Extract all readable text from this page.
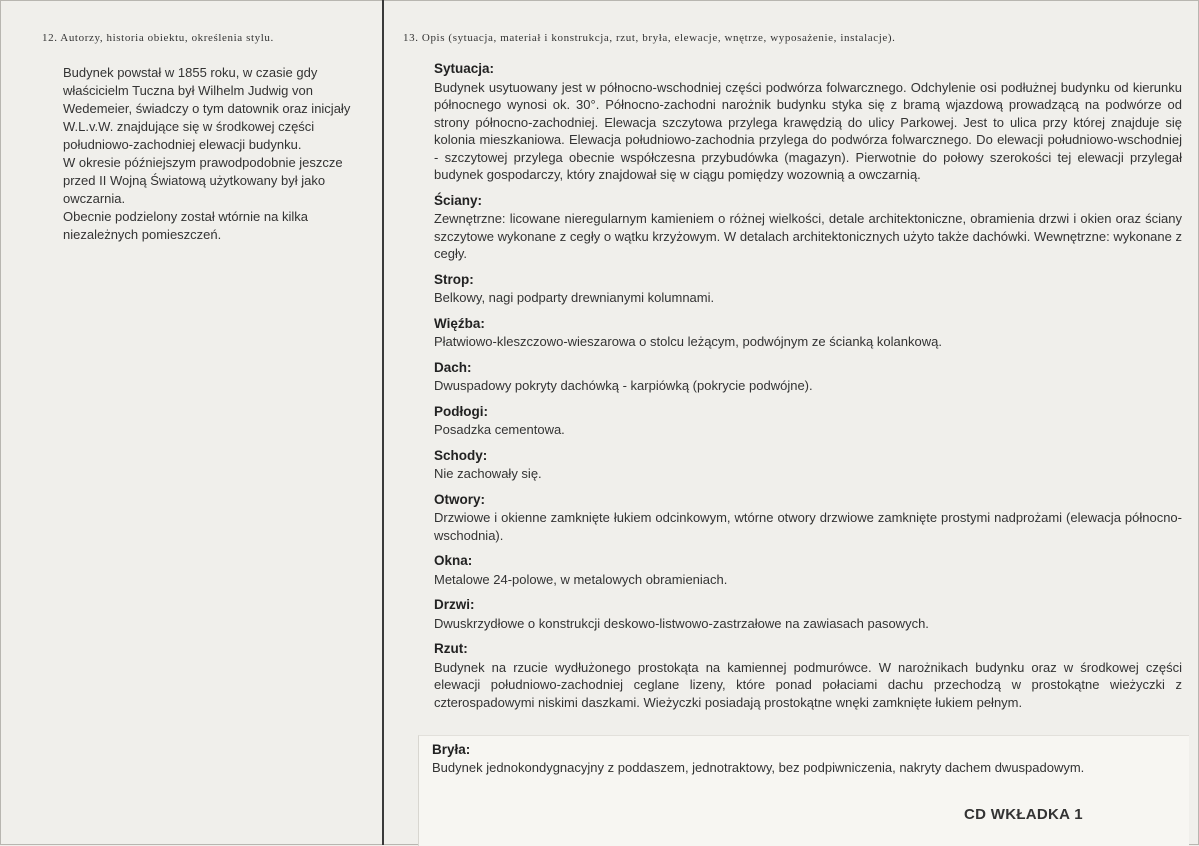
12. Autorzy, historia obiektu, określenia stylu.

Budynek powstał w 1855 roku, w czasie gdy właścicielm Tuczna był Wilhelm Judwig von Wedemeier, świadczy o tym datownik oraz inicjały W.L.v.W. znajdujące się w środkowej części południowo-zachodniej elewacji budynku.

W okresie późniejszym prawodpodobnie jeszcze przed II Wojną Światową użytkowany był jako owczarnia.

Obecnie podzielony został wtórnie na kilka niezależnych pomieszczeń.

13. Opis (sytuacja, materiał i konstrukcja, rzut, bryła, elewacje, wnętrze, wyposażenie, instalacje).

Sytuacja:

Budynek usytuowany jest w północno-wschodniej części podwórza folwarcznego. Odchylenie osi podłużnej budynku od kierunku północnego wynosi ok. 30°. Północno-zachodni narożnik budynku styka się z bramą wjazdową prowadzącą na podwórze od strony północno-zachodniej. Elewacja szczytowa przylega krawędzią do ulicy Parkowej. Jest to ulica przy której znajduje się kolonia mieszkaniowa. Elewacja południowo-zachodnia przylega do podwórza folwarcznego. Do elewacji południowo-wschodniej - szczytowej przylega obecnie współczesna przybudówka (magazyn). Pierwotnie do połowy szerokości tej elewacji przylegał budynek gospodarczy, który znajdował się w ciągu pomiędzy wozownią a owczarnią.

Ściany:

Zewnętrzne: licowane nieregularnym kamieniem o różnej wielkości, detale architektoniczne, obramienia drzwi i okien oraz ściany szczytowe wykonane z cegły o wątku krzyżowym. W detalach architektonicznych użyto także dachówki. Wewnętrzne: wykonane z cegły.

Strop:

Belkowy, nagi podparty drewnianymi kolumnami.

Więźba:

Płatwiowo-kleszczowo-wieszarowa o stolcu leżącym, podwójnym ze ścianką kolankową.

Dach:

Dwuspadowy pokryty dachówką - karpiówką (pokrycie podwójne).

Podłogi:

Posadzka cementowa.

Schody:

Nie zachowały się.

Otwory:

Drzwiowe i okienne zamknięte łukiem odcinkowym, wtórne otwory drzwiowe zamknięte prostymi nadprożami (elewacja północno-wschodnia).

Okna:

Metalowe 24-polowe, w metalowych obramieniach.

Drzwi:

Dwuskrzydłowe o konstrukcji deskowo-listwowo-zastrzałowe na zawiasach pasowych.

Rzut:

Budynek na rzucie wydłużonego prostokąta na kamiennej podmurówce. W narożnikach budynku oraz w środkowej części elewacji południowo-zachodniej ceglane lizeny, które ponad połaciami dachu przechodzą w prostokątne wieżyczki z czterospadowymi niskimi daszkami. Wieżyczki posiadają prostokątne wnęki zamknięte łukiem pełnym.

Bryła:
Budynek jednokondygnacyjny z poddaszem, jednotraktowy, bez podpiwniczenia, nakryty dachem dwuspadowym.
CD WKŁADKA 1
